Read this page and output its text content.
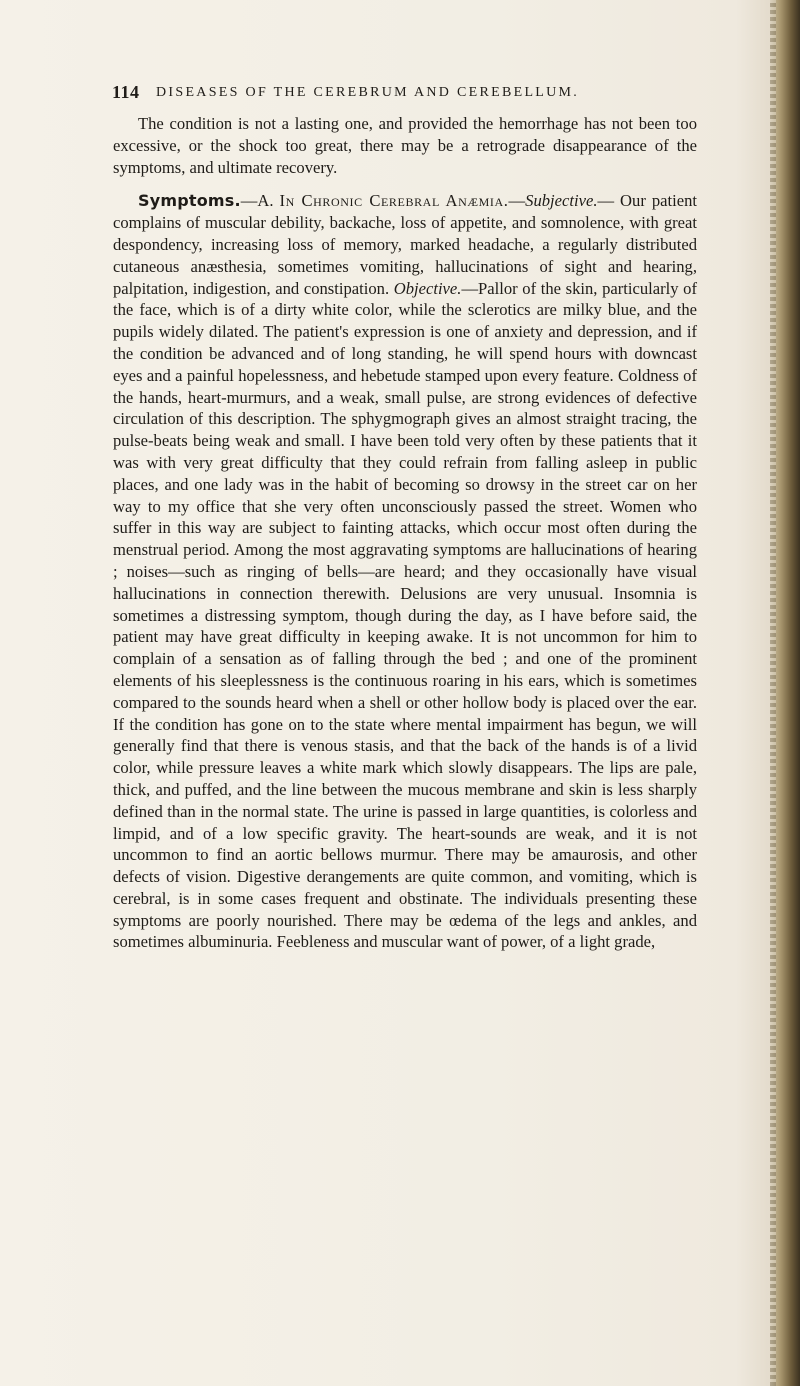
114 DISEASES OF THE CEREBRUM AND CEREBELLUM.

The condition is not a lasting one, and provided the hemorrhage has not been too excessive, or the shock too great, there may be a retrograde disappearance of the symptoms, and ultimate recovery.

Symptoms.—A. In Chronic Cerebral Anæmia.—Subjective.— Our patient complains of muscular debility, backache, loss of appetite, and somnolence, with great despondency, increasing loss of memory, marked headache, a regularly distributed cutaneous anæsthesia, sometimes vomiting, hallucinations of sight and hearing, palpitation, indigestion, and constipation. Objective.—Pallor of the skin, particularly of the face, which is of a dirty white color, while the sclerotics are milky blue, and the pupils widely dilated. The patient's expression is one of anxiety and depression, and if the condition be advanced and of long standing, he will spend hours with downcast eyes and a painful hopelessness, and hebetude stamped upon every feature. Coldness of the hands, heart-murmurs, and a weak, small pulse, are strong evidences of defective circulation of this description. The sphygmograph gives an almost straight tracing, the pulse-beats being weak and small. I have been told very often by these patients that it was with very great difficulty that they could refrain from falling asleep in public places, and one lady was in the habit of becoming so drowsy in the street car on her way to my office that she very often unconsciously passed the street. Women who suffer in this way are subject to fainting attacks, which occur most often during the menstrual period. Among the most aggravating symptoms are hallucinations of hearing ; noises—such as ringing of bells—are heard; and they occasionally have visual hallucinations in connection therewith. Delusions are very unusual. Insomnia is sometimes a distressing symptom, though during the day, as I have before said, the patient may have great difficulty in keeping awake. It is not uncommon for him to complain of a sensation as of falling through the bed ; and one of the prominent elements of his sleeplessness is the continuous roaring in his ears, which is sometimes compared to the sounds heard when a shell or other hollow body is placed over the ear. If the condition has gone on to the state where mental impairment has begun, we will generally find that there is venous stasis, and that the back of the hands is of a livid color, while pressure leaves a white mark which slowly disappears. The lips are pale, thick, and puffed, and the line between the mucous membrane and skin is less sharply defined than in the normal state. The urine is passed in large quantities, is colorless and limpid, and of a low specific gravity. The heart-sounds are weak, and it is not uncommon to find an aortic bellows murmur. There may be amaurosis, and other defects of vision. Digestive derangements are quite common, and vomiting, which is cerebral, is in some cases frequent and obstinate. The individuals presenting these symptoms are poorly nourished. There may be œdema of the legs and ankles, and sometimes albuminuria. Feebleness and muscular want of power, of a light grade,
